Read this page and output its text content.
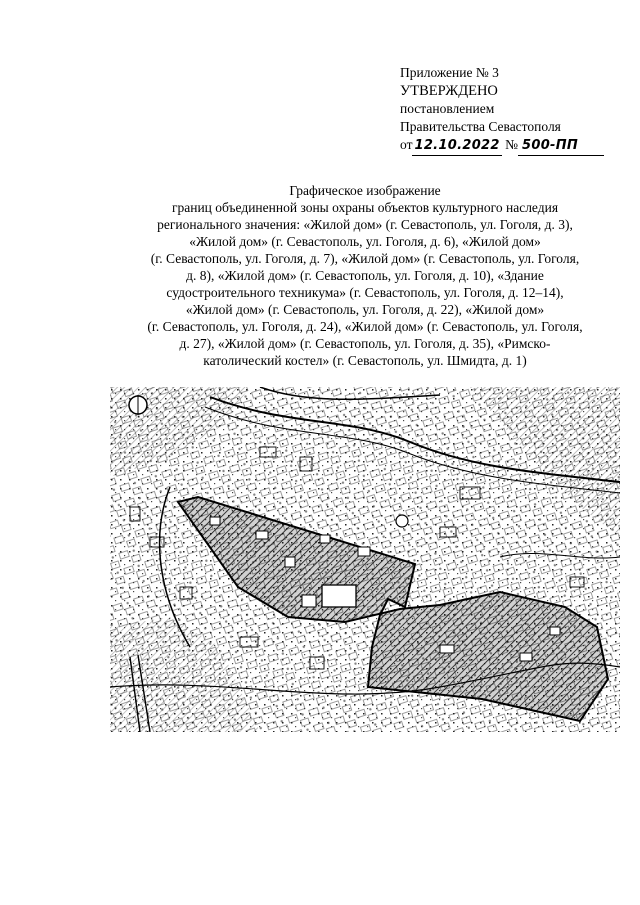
Приложение № 3
УТВЕРЖДЕНО
постановлением
Правительства Севастополя
от 12.10.2022 № 500-ПП
Графическое изображение
границ объединенной зоны охраны объектов культурного наследия
регионального значения: «Жилой дом» (г. Севастополь, ул. Гоголя, д. 3),
«Жилой дом» (г. Севастополь, ул. Гоголя, д. 6), «Жилой дом»
(г. Севастополь, ул. Гоголя, д. 7), «Жилой дом» (г. Севастополь, ул. Гоголя,
д. 8), «Жилой дом» (г. Севастополь, ул. Гоголя, д. 10), «Здание
судостроительного техникума» (г. Севастополь, ул. Гоголя, д. 12–14),
«Жилой дом» (г. Севастополь, ул. Гоголя, д. 22), «Жилой дом»
(г. Севастополь, ул. Гоголя, д. 24), «Жилой дом» (г. Севастополь, ул. Гоголя,
д. 27), «Жилой дом» (г. Севастополь, ул. Гоголя, д. 35), «Римско-
католический костел» (г. Севастополь, ул. Шмидта, д. 1)
